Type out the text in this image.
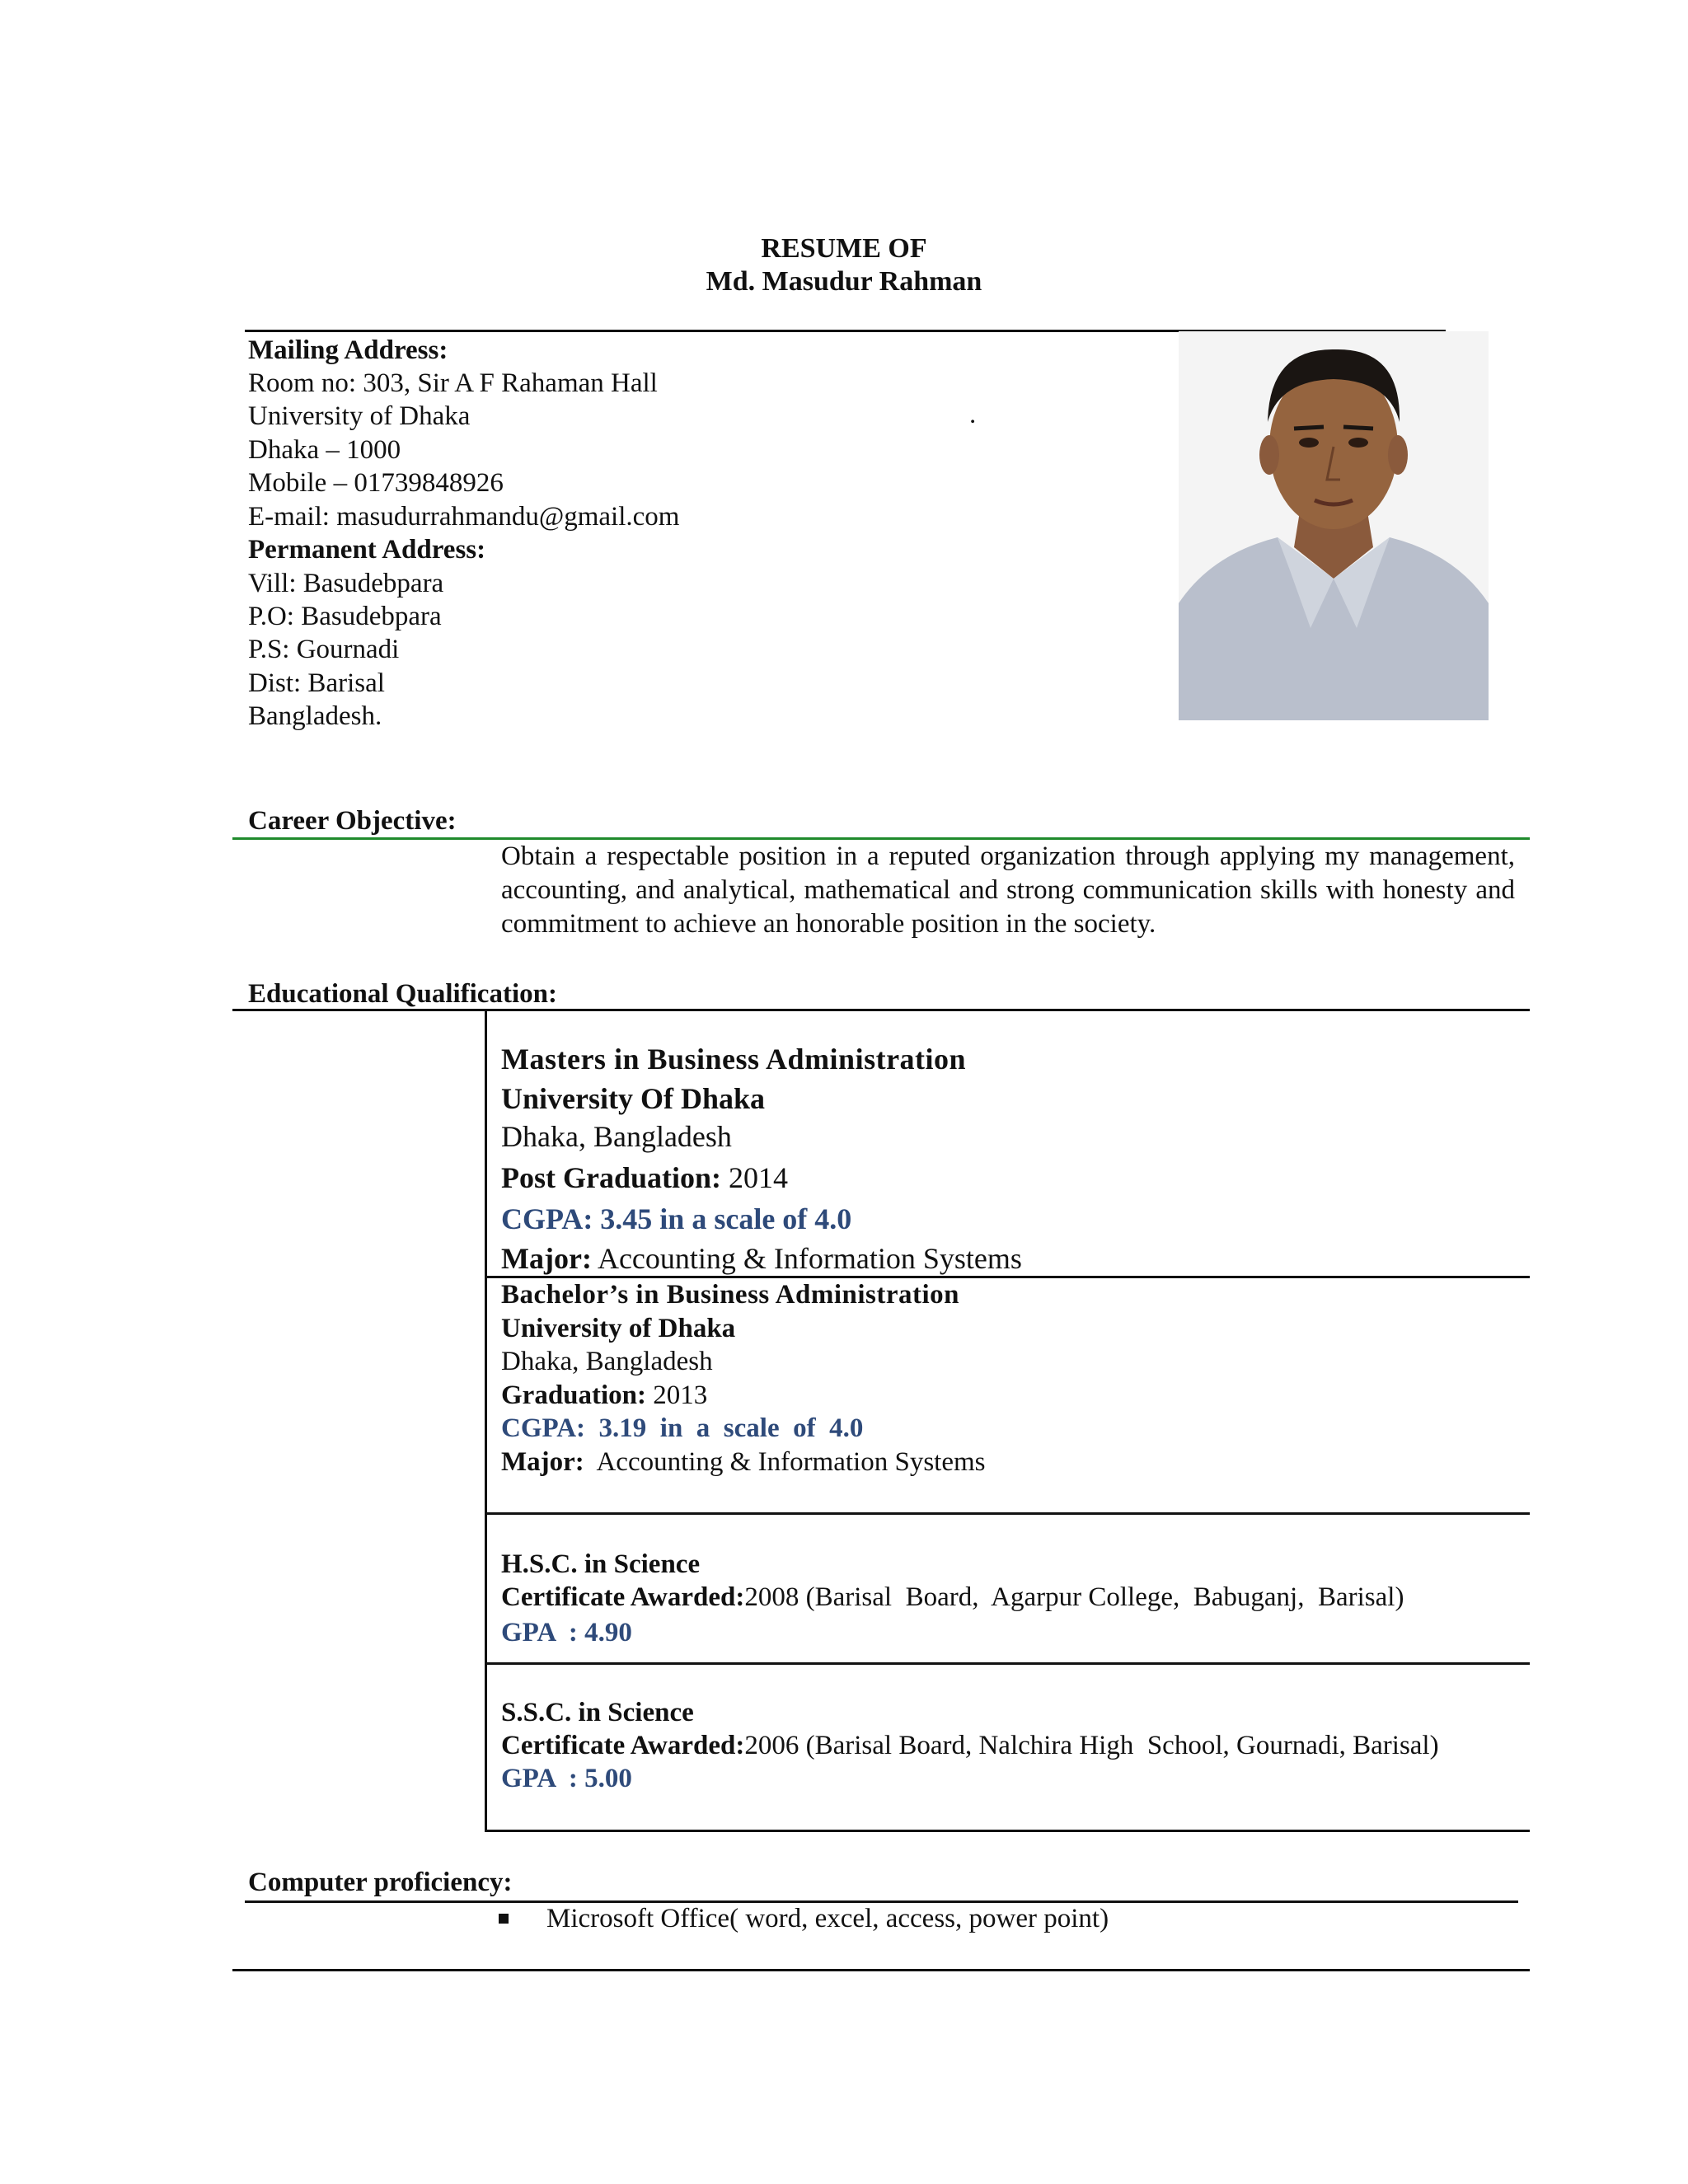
RESUME OF
Md. Masudur Rahman
Mailing Address:
Room no: 303, Sir A F Rahaman Hall
University of Dhaka
Dhaka – 1000
Mobile – 01739848926
E-mail: masudurrahmandu@gmail.com
.
Permanent Address:
Vill: Basudebpara
P.O: Basudebpara
P.S: Gournadi
Dist: Barisal
Bangladesh.
Career Objective:
Obtain a respectable position in a reputed organization through applying my management, accounting, and analytical, mathematical and strong communication skills with honesty and commitment to achieve an honorable position in the society.
Educational Qualification:
Masters in Business Administration
University Of Dhaka
Dhaka, Bangladesh
Post Graduation: 2014
CGPA: 3.45 in a scale of 4.0
Major: Accounting & Information Systems
Bachelor’s in Business Administration
University of Dhaka
Dhaka, Bangladesh
Graduation: 2013
CGPA:  3.19  in  a  scale  of  4.0
Major:  Accounting & Information Systems
H.S.C. in Science
Certificate Awarded:2008 (Barisal  Board,  Agarpur College,  Babuganj,  Barisal)
GPA  : 4.90
S.S.C. in Science
Certificate Awarded:2006 (Barisal Board, Nalchira High  School, Gournadi, Barisal)
GPA  : 5.00
Computer proficiency:
Microsoft Office( word, excel, access, power point)
